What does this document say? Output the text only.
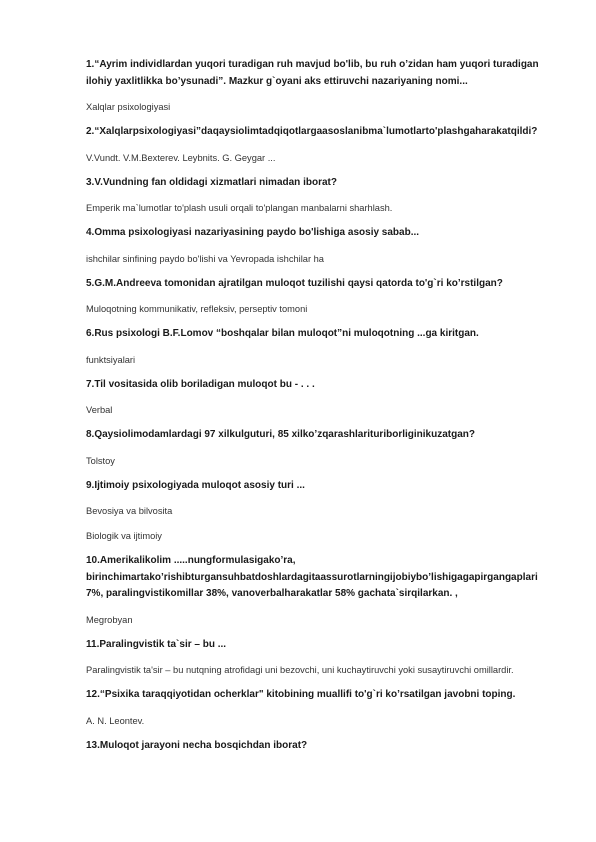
1.“Ayrim individlardan yuqori turadigan ruh mavjud bo'lib, bu ruh o’zidan ham yuqori turadigan ilohiy yaxlitlikka bo’ysunadi”. Mazkur g`oyani aks ettiruvchi nazariyaning nomi...

Xalqlar psixologiyasi

2.“Xalqlarpsixologiyasi”daqaysiolimtadqiqotlargaasoslanibma`lumotlarto'plashgaharakatqildi?

V.Vundt. V.M.Bexterev. Leybnits. G. Geygar ...

3.V.Vundning fan oldidagi xizmatlari nimadan iborat?

Emperik ma`lumotlar to'plash usuli orqali to'plangan manbalarni sharhlash.

4.Omma psixologiyasi nazariyasining paydo bo'lishiga asosiy sabab...

ishchilar sinfining paydo bo'lishi va Yevropada ishchilar ha

5.G.M.Andreeva tomonidan ajratilgan muloqot tuzilishi qaysi qatorda to'g`ri ko’rstilgan?

Muloqotning kommunikativ, refleksiv, perseptiv tomoni

6.Rus psixologi B.F.Lomov “boshqalar bilan muloqot”ni muloqotning ...ga kiritgan.

funktsiyalari

7.Til vositasida olib boriladigan muloqot bu - . . .

Verbal

8.Qaysiolimodamlardagi 97 xilkulguturi, 85 xilko’zqarashlarituriborliginikuzatgan?

Tolstoy

9.Ijtimoiy psixologiyada muloqot asosiy turi ...

Bevosiya va bilvosita

Biologik va ijtimoiy

10.Amerikalikolim .....nungformulasigako’ra, birinchimartako’rishibturgansuhbatdoshlardagitaassurotlarningijobiybo’lishigagapirgangaplari 7%, paralingvistikomillar 38%, vanoverbalharakatlar 58% gachata`sirqilarkan. ,

Megrobyan

11.Paralingvistik ta`sir – bu ...

Paralingvistik ta'sir – bu nutqning atrofidagi uni bezovchi, uni kuchaytiruvchi yoki susaytiruvchi omillardir.

12.“Psixika taraqqiyotidan ocherklar" kitobining muallifi to'g`ri ko’rsatilgan javobni toping.

A. N. Leontev.

13.Muloqot jarayoni necha bosqichdan iborat?
